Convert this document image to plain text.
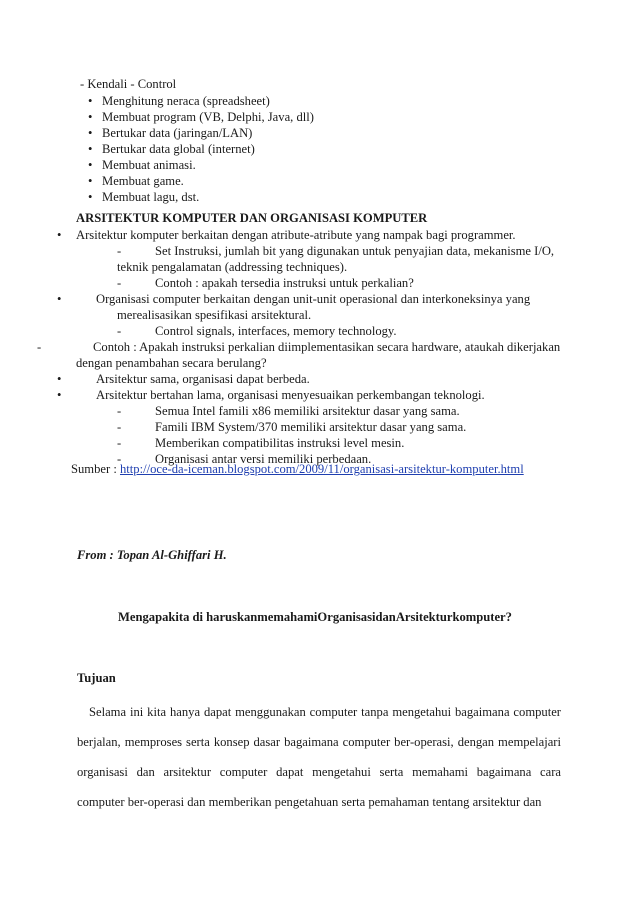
- Kendali - Control
• Menghitung neraca (spreadsheet)
• Membuat program (VB, Delphi, Java, dll)
• Bertukar data (jaringan/LAN)
• Bertukar data global (internet)
• Membuat animasi.
• Membuat game.
• Membuat lagu, dst.
ARSITEKTUR KOMPUTER DAN ORGANISASI KOMPUTER
• Arsitektur komputer berkaitan dengan atribute-atribute yang nampak bagi programmer.
-	Set Instruksi, jumlah bit yang digunakan untuk penyajian data, mekanisme I/O,
teknik pengalamatan (addressing techniques).
-	Contoh : apakah tersedia instruksi untuk perkalian?
•	Organisasi computer berkaitan dengan unit-unit operasional dan interkoneksinya yang
merealisasikan spesifikasi arsitektural.
-	Control signals, interfaces, memory technology.
-	Contoh : Apakah instruksi perkalian diimplementasikan secara hardware, ataukah dikerjakan
dengan penambahan secara berulang?
•	Arsitektur sama, organisasi dapat berbeda.
•	Arsitektur bertahan lama, organisasi menyesuaikan perkembangan teknologi.
-	Semua Intel famili x86 memiliki arsitektur dasar yang sama.
-	Famili IBM System/370 memiliki arsitektur dasar yang sama.
-	Memberikan compatibilitas instruksi level mesin.
-	Organisasi antar versi memiliki perbedaan.
Sumber : http://oce-da-iceman.blogspot.com/2009/11/organisasi-arsitektur-komputer.html
From : Topan Al-Ghiffari H.
Mengapakita di haruskanmemahamiOrganisasidanArsitekturkomputer?
Tujuan
Selama ini kita hanya dapat menggunakan computer tanpa mengetahui bagaimana computer berjalan, memproses serta konsep dasar bagaimana computer ber-operasi, dengan mempelajari organisasi dan arsitektur computer dapat mengetahui serta memahami bagaimana cara computer ber-operasi dan memberikan pengetahuan serta pemahaman tentang arsitektur dan
